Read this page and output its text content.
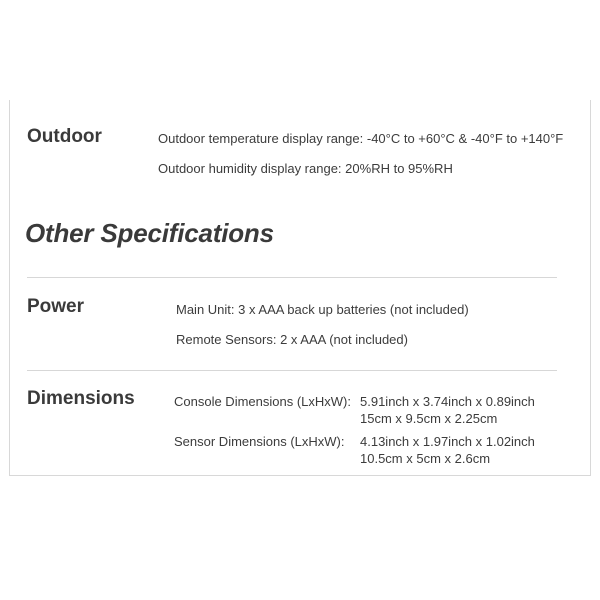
Outdoor	Outdoor temperature display range: -40°C to +60°C & -40°F to +140°F
Outdoor humidity display range: 20%RH to 95%RH
Other Specifications
Power	Main Unit: 3 x AAA back up batteries (not included)
Remote Sensors: 2 x AAA (not included)
Dimensions	Console Dimensions (LxHxW): 5.91inch x 3.74inch x 0.89inch
15cm x 9.5cm x 2.25cm
Sensor Dimensions (LxHxW): 4.13inch x 1.97inch x 1.02inch
10.5cm x 5cm x 2.6cm
